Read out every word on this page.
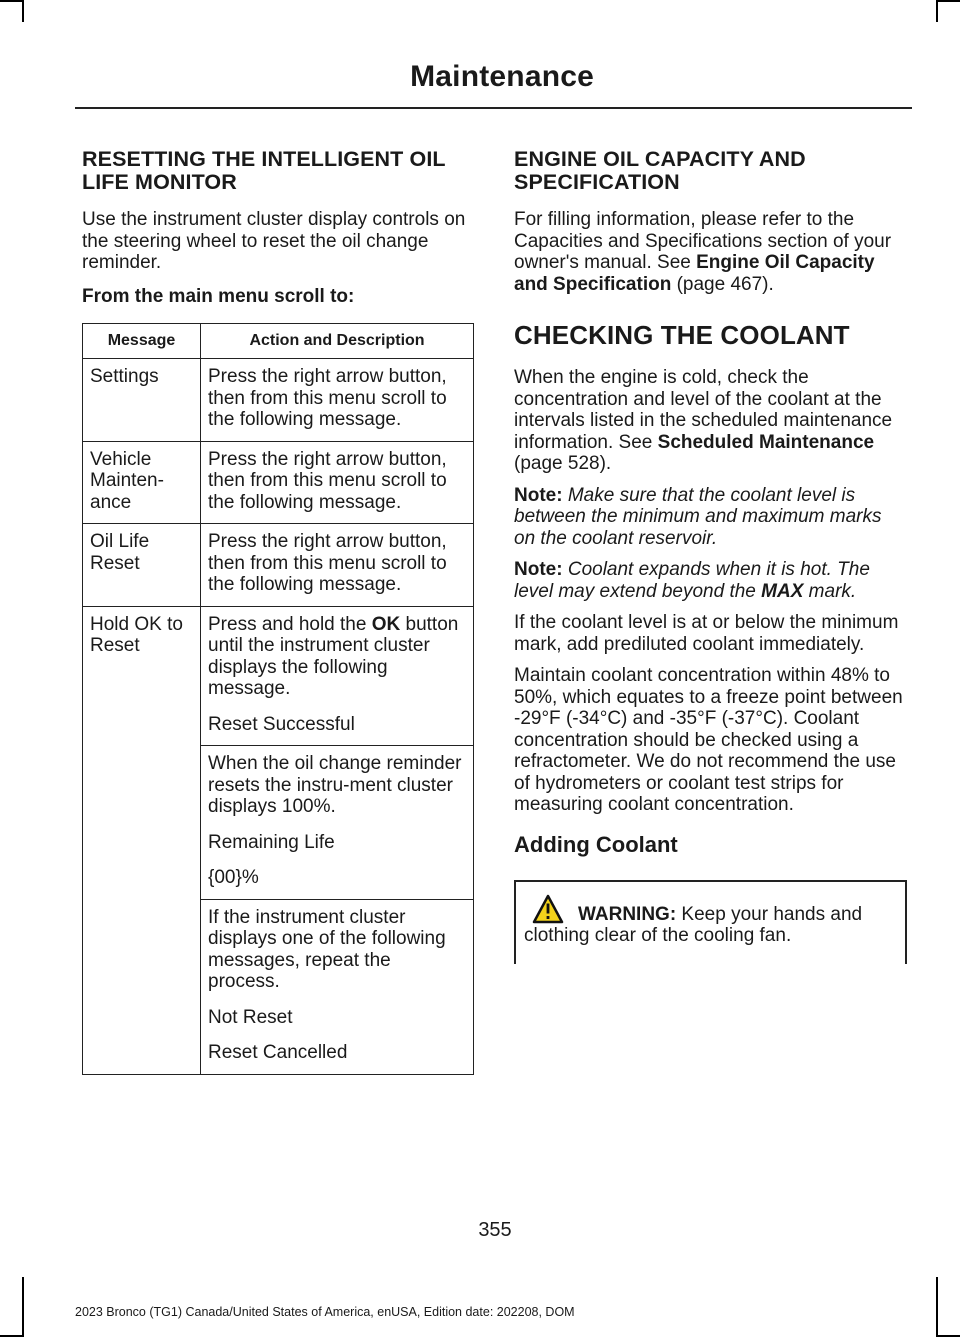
Maintenance
RESETTING THE INTELLIGENT OIL LIFE MONITOR

Use the instrument cluster display controls on the steering wheel to reset the oil change reminder.

From the main menu scroll to:

Message	Action and Description
Settings	Press the right arrow button, then from this menu scroll to the following message.

Vehicle Mainten-ance	Press the right arrow button, then from this menu scroll to the following message.

Oil Life Reset	Press the right arrow button, then from this menu scroll to the following message.

Hold OK to Reset	Press and hold the OK button until the instrument cluster displays the following message.

Reset Successful

	When the oil change reminder resets the instru-ment cluster displays 100%.

Remaining Life

{00}%

	If the instrument cluster displays one of the following messages, repeat the process.

Not Reset

Reset Cancelled

ENGINE OIL CAPACITY AND SPECIFICATION

For filling information, please refer to the Capacities and Specifications section of your owner's manual. See Engine Oil Capacity and Specification (page 467).

CHECKING THE COOLANT

When the engine is cold, check the concentration and level of the coolant at the intervals listed in the scheduled maintenance information. See Scheduled Maintenance (page 528).

Note: Make sure that the coolant level is between the minimum and maximum marks on the coolant reservoir.

Note: Coolant expands when it is hot. The level may extend beyond the MAX mark.

If the coolant level is at or below the minimum mark, add prediluted coolant immediately.

Maintain coolant concentration within 48% to 50%, which equates to a freeze point between -29°F (-34°C) and -35°F (-37°C). Coolant concentration should be checked using a refractometer. We do not recommend the use of hydrometers or coolant test strips for measuring coolant concentration.

Adding Coolant

WARNING: Keep your hands and clothing clear of the cooling fan.

355
2023 Bronco (TG1) Canada/United States of America, enUSA, Edition date: 202208, DOM
